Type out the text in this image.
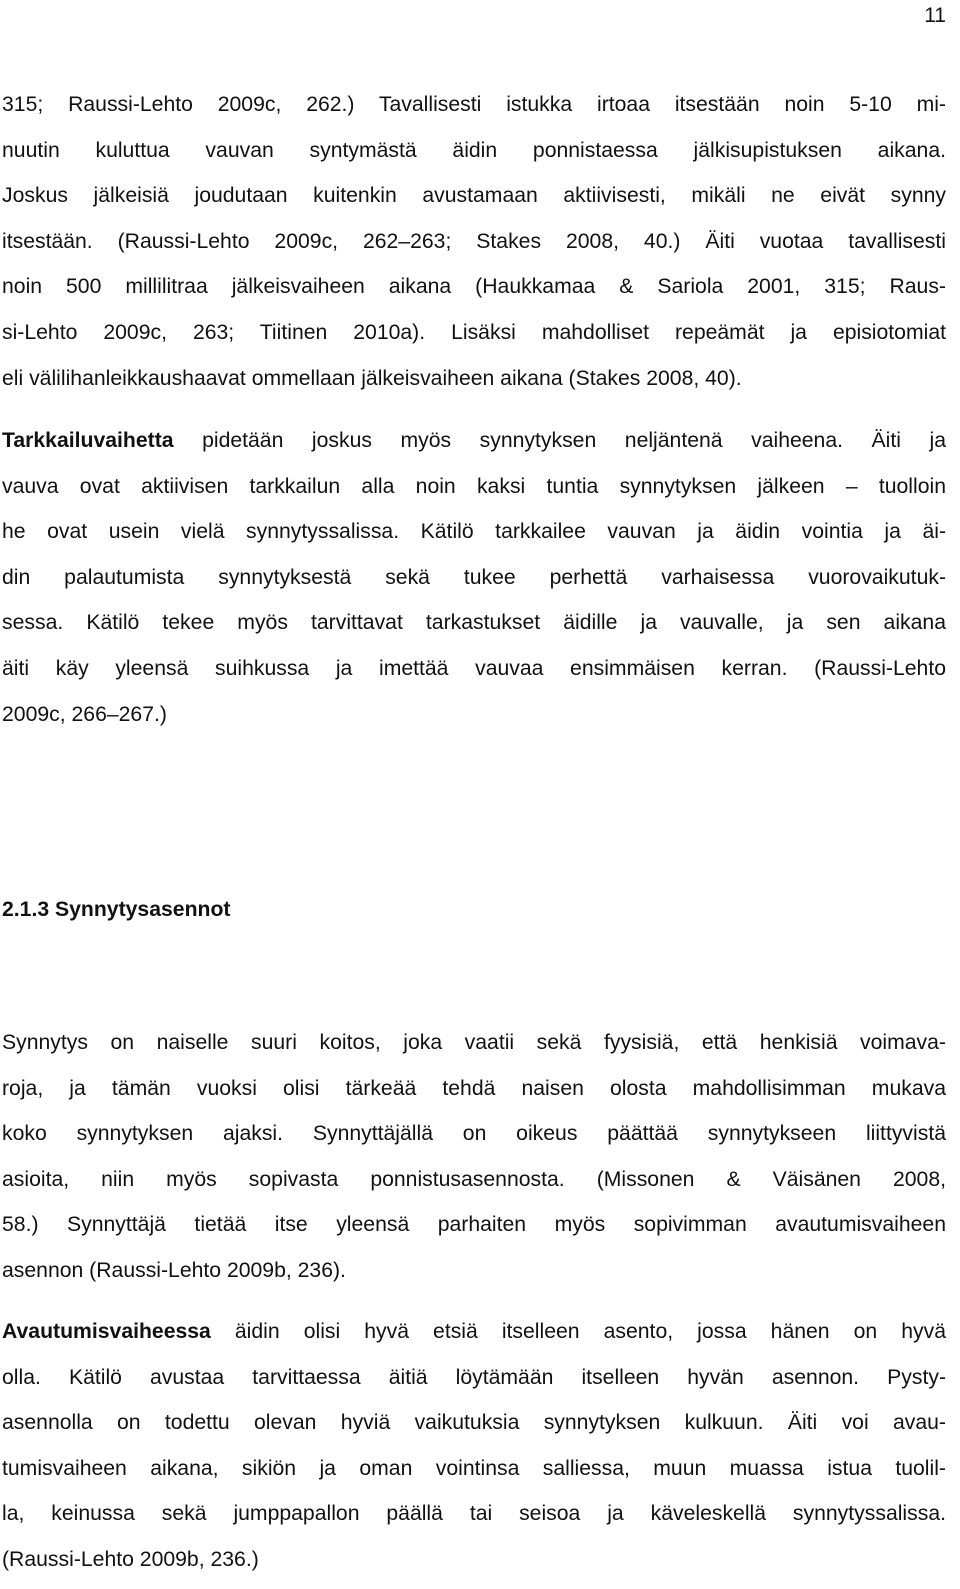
11
315; Raussi-Lehto 2009c, 262.) Tavallisesti istukka irtoaa itsestään noin 5-10 mi-
nuutin kuluttua vauvan syntymästä äidin ponnistaessa jälkisupistuksen aikana.
Joskus jälkeisiä joudutaan kuitenkin avustamaan aktiivisesti, mikäli ne eivät synny
itsestään. (Raussi-Lehto 2009c, 262–263; Stakes 2008, 40.) Äiti vuotaa tavallisesti
noin 500 millilitraa jälkeisvaiheen aikana (Haukkamaa & Sariola 2001, 315; Raus-
si-Lehto 2009c, 263; Tiitinen 2010a). Lisäksi mahdolliset repeämät ja episiotomiat
eli välilihanleikkaushaavat ommellaan jälkeisvaiheen aikana (Stakes 2008, 40).
Tarkkailuvaihetta pidetään joskus myös synnytyksen neljäntenä vaiheena. Äiti ja
vauva ovat aktiivisen tarkkailun alla noin kaksi tuntia synnytyksen jälkeen – tuolloin
he ovat usein vielä synnytyssalissa. Kätilö tarkkailee vauvan ja äidin vointia ja äi-
din palautumista synnytyksestä sekä tukee perhettä varhaisessa vuorovaikutuk-
sessa. Kätilö tekee myös tarvittavat tarkastukset äidille ja vauvalle, ja sen aikana
äiti käy yleensä suihkussa ja imettää vauvaa ensimmäisen kerran. (Raussi-Lehto
2009c, 266–267.)
2.1.3 Synnytysasennot
Synnytys on naiselle suuri koitos, joka vaatii sekä fyysisiä, että henkisiä voimava-
roja, ja tämän vuoksi olisi tärkeää tehdä naisen olosta mahdollisimman mukava
koko synnytyksen ajaksi. Synnyttäjällä on oikeus päättää synnytykseen liittyvistä
asioita, niin myös sopivasta ponnistusasennosta. (Missonen & Väisänen 2008,
58.) Synnyttäjä tietää itse yleensä parhaiten myös sopivimman avautumisvaiheen
asennon (Raussi-Lehto 2009b, 236).
Avautumisvaiheessa äidin olisi hyvä etsiä itselleen asento, jossa hänen on hyvä
olla. Kätilö avustaa tarvittaessa äitiä löytämään itselleen hyvän asennon. Pysty-
asennolla on todettu olevan hyviä vaikutuksia synnytyksen kulkuun. Äiti voi avau-
tumisvaiheen aikana, sikiön ja oman vointinsa salliessa, muun muassa istua tuolil-
la, keinussa sekä jumppapallon päällä tai seisoa ja käveleskellä synnytyssalissa.
(Raussi-Lehto 2009b, 236.)
